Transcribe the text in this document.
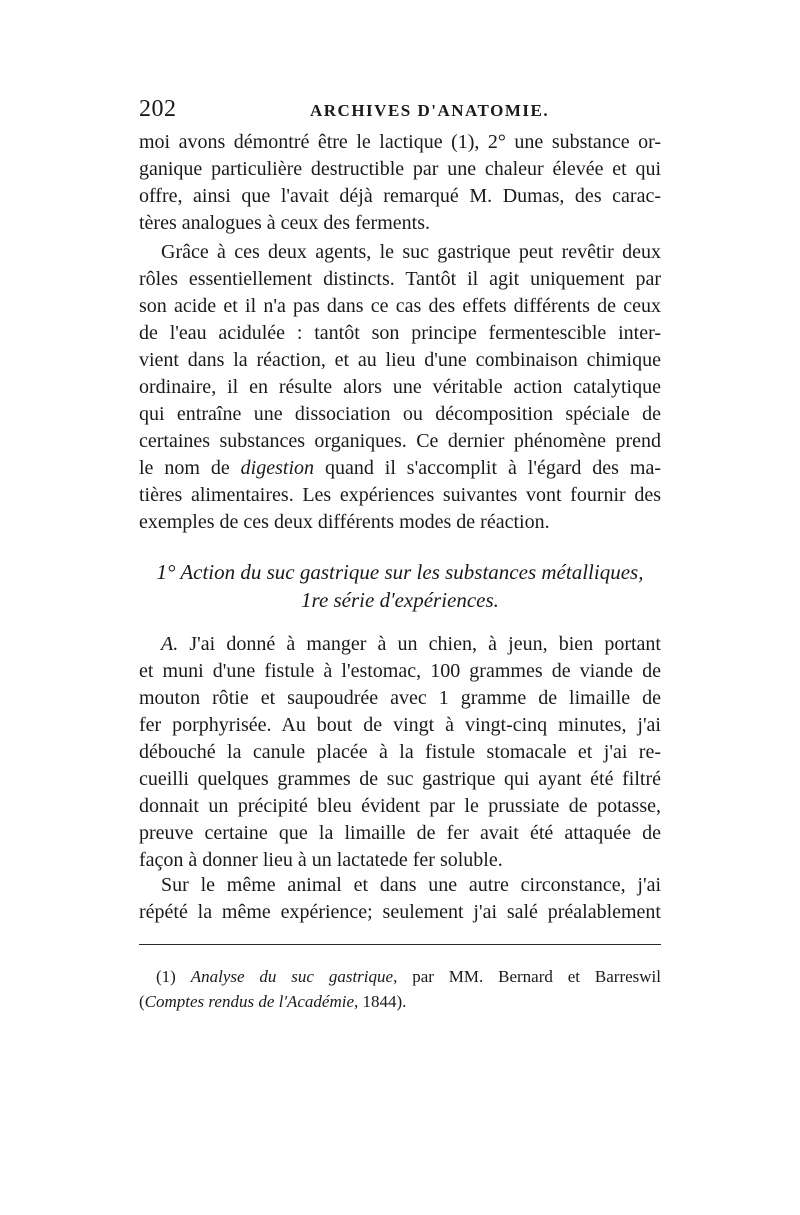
202	ARCHIVES D'ANATOMIE.
moi avons démontré être le lactique (1), 2° une substance or-
ganique particulière destructible par une chaleur élevée et qui
offre, ainsi que l'avait déjà remarqué M. Dumas, des carac-
tères analogues à ceux des ferments.
Grâce à ces deux agents, le suc gastrique peut revêtir deux
rôles essentiellement distincts. Tantôt il agit uniquement par
son acide et il n'a pas dans ce cas des effets différents de ceux
de l'eau acidulée : tantôt son principe fermentescible inter-
vient dans la réaction, et au lieu d'une combinaison chimique
ordinaire, il en résulte alors une véritable action catalytique
qui entraîne une dissociation ou décomposition spéciale de
certaines substances organiques. Ce dernier phénomène prend
le nom de digestion quand il s'accomplit à l'égard des ma-
tières alimentaires. Les expériences suivantes vont fournir des
exemples de ces deux différents modes de réaction.
1° Action du suc gastrique sur les substances métalliques,
1re série d'expériences.
A. J'ai donné à manger à un chien, à jeun, bien portant
et muni d'une fistule à l'estomac, 100 grammes de viande de
mouton rôtie et saupoudrée avec 1 gramme de limaille de
fer porphyrisée. Au bout de vingt à vingt-cinq minutes, j'ai
débouché la canule placée à la fistule stomacale et j'ai re-
cueilli quelques grammes de suc gastrique qui ayant été filtré
donnait un précipité bleu évident par le prussiate de potasse,
preuve certaine que la limaille de fer avait été attaquée de
façon à donner lieu à un lactatede fer soluble.
Sur le même animal et dans une autre circonstance, j'ai
répété la même expérience; seulement j'ai salé préalablement
(1) Analyse du suc gastrique, par MM. Bernard et Barreswil
(Comptes rendus de l'Académie, 1844).
